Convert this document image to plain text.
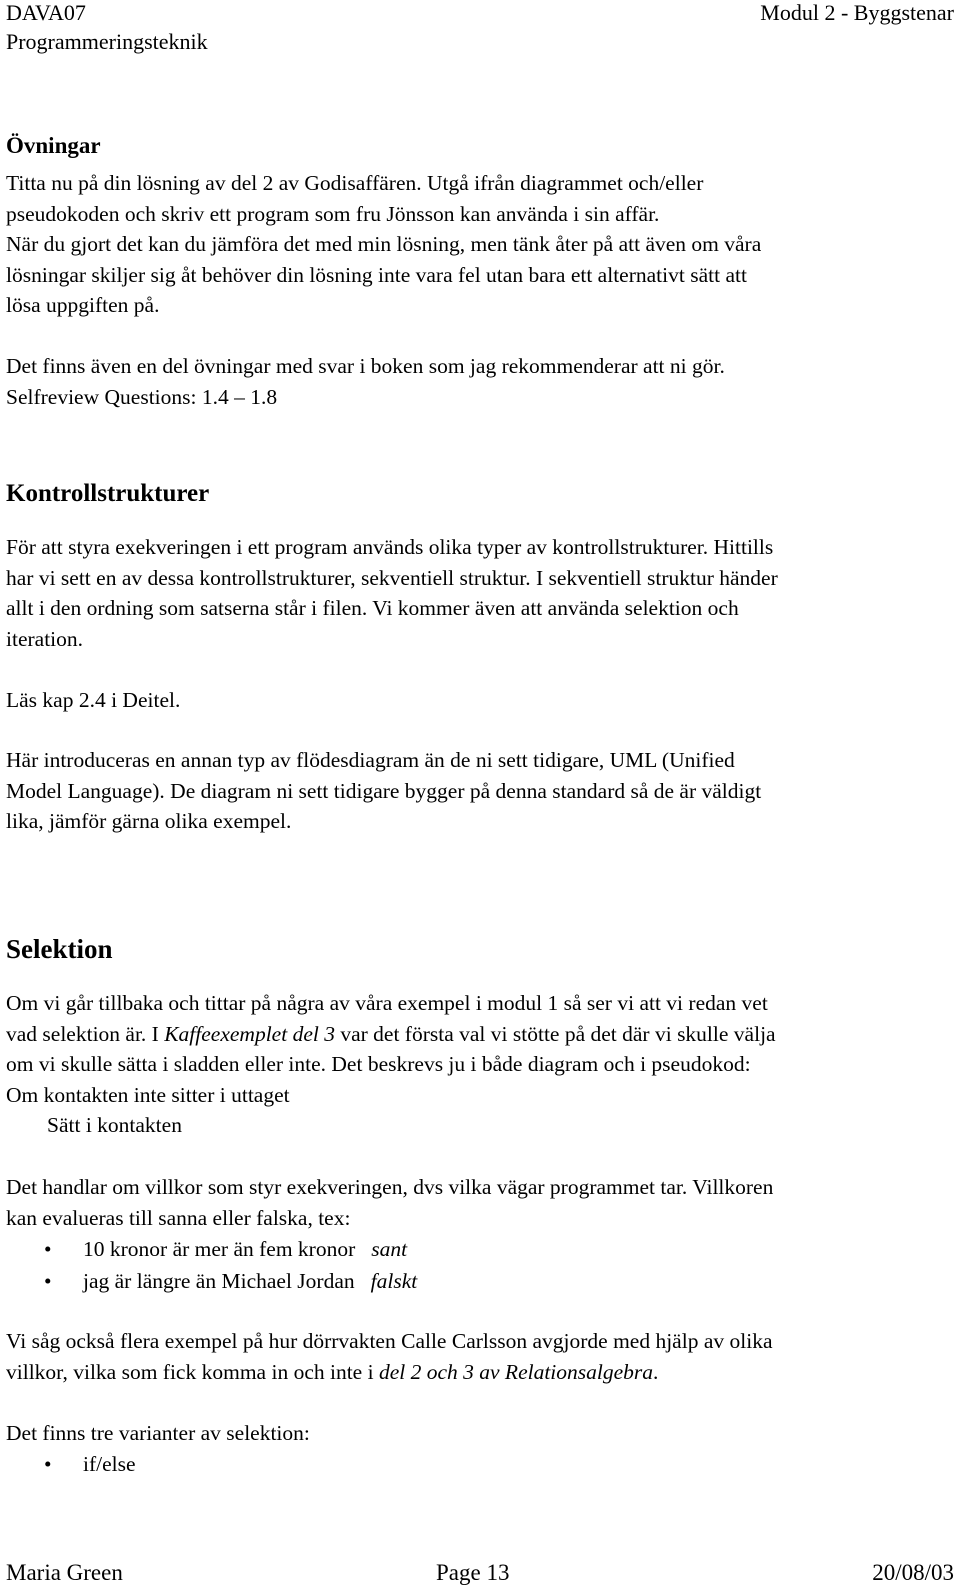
DAVA07
Programmeringsteknik
Modul 2 - Byggstenar
Övningar
Titta nu på din lösning av del 2 av Godisaffären. Utgå ifrån diagrammet och/eller
pseudokoden och skriv ett program som fru Jönsson kan använda i sin affär.
När du gjort det kan du jämföra det med min lösning, men tänk åter på att även om våra
lösningar skiljer sig åt behöver din lösning inte vara fel utan bara ett alternativt sätt att
lösa uppgiften på.
Det finns även en del övningar med svar i boken som jag rekommenderar att ni gör.
Selfreview Questions: 1.4 – 1.8
Kontrollstrukturer
För att styra exekveringen i ett program används olika typer av kontrollstrukturer. Hittills
har vi sett en av dessa kontrollstrukturer, sekventiell struktur. I sekventiell struktur händer
allt i den ordning som satserna står i filen. Vi kommer även att använda selektion och
iteration.
Läs kap 2.4 i Deitel.
Här introduceras en annan typ av flödesdiagram än de ni sett tidigare, UML (Unified
Model Language). De diagram ni sett tidigare bygger på denna standard så de är väldigt
lika, jämför gärna olika exempel.
Selektion
Om vi går tillbaka och tittar på några av våra exempel i modul 1 så ser vi att vi redan vet
vad selektion är. I Kaffeexemplet del 3 var det första val vi stötte på det där vi skulle välja
om vi skulle sätta i sladden eller inte. Det beskrevs ju i både diagram och i pseudokod:
Om kontakten inte sitter i uttaget
Sätt i kontakten
Det handlar om villkor som styr exekveringen, dvs vilka vägar programmet tar. Villkoren
kan evalueras till sanna eller falska, tex:
• 10 kronor är mer än fem kronor sant
• jag är längre än Michael Jordan falskt
Vi såg också flera exempel på hur dörrvakten Calle Carlsson avgjorde med hjälp av olika
villkor, vilka som fick komma in och inte i del 2 och 3 av Relationsalgebra.
Det finns tre varianter av selektion:
• if/else
Maria Green	Page 13	20/08/03
